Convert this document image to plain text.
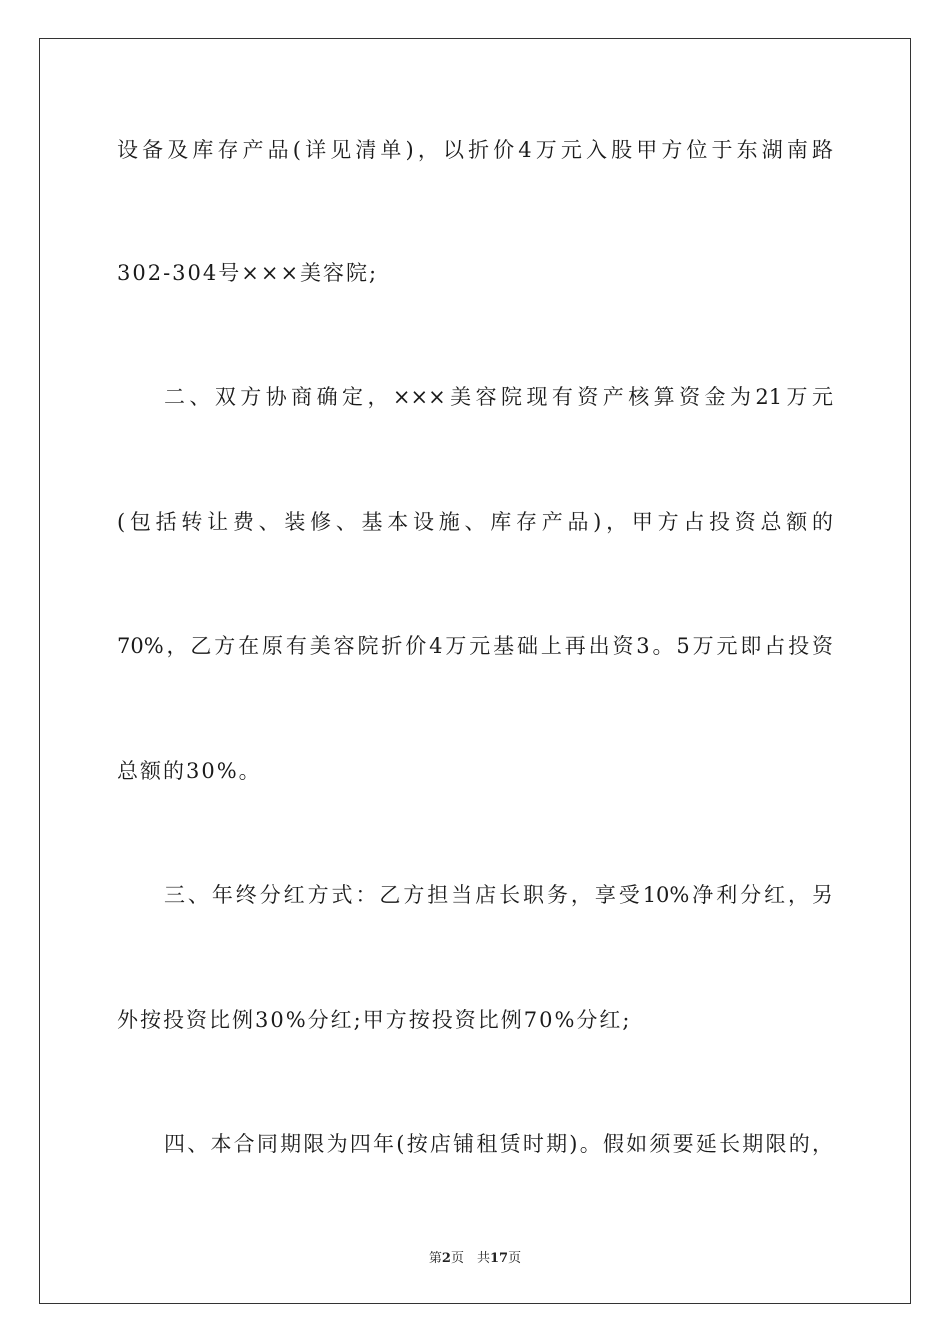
设备及库存产品(详见清单)，以折价4万元入股甲方位于东湖南路
302-304号×××美容院;
二、双方协商确定，×××美容院现有资产核算资金为21万元
(包括转让费、装修、基本设施、库存产品)，甲方占投资总额的
70%，乙方在原有美容院折价4万元基础上再出资3。5万元即占投资
总额的30%。
三、年终分红方式：乙方担当店长职务，享受10%净利分红，另
外按投资比例30%分红;甲方按投资比例70%分红;
四、本合同期限为四年(按店铺租赁时期)。假如须要延长期限的，
第2页　共17页
